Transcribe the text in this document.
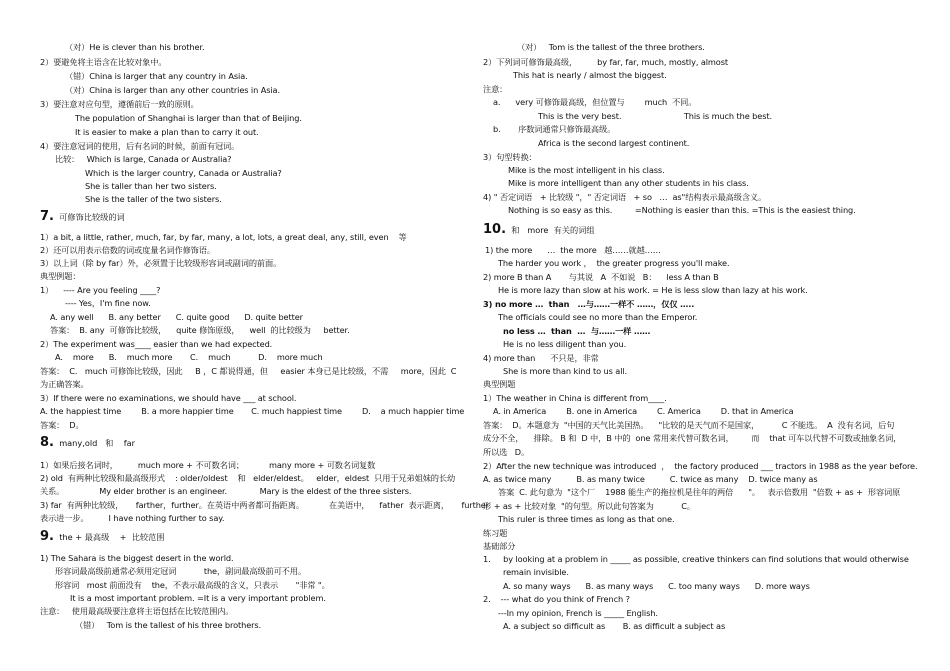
（对）He is clever than his brother.
2）要避免将主语含在比较对象中。
（错）China is larger that any country in Asia.
（对）China is larger than any other countries in Asia.
3）要注意对应句型，遵循前后一致的原则。
The population of Shanghai is larger than that of Beijing.
It is easier to make a plan than to carry it out.
4）要注意冠词的使用，后有名词的时候，前面有冠词。
比较：   Which is large, Canada or Australia?
Which is the larger country, Canada or Australia?
She is taller than her two sisters.
She is the taller of the two sisters.
7.  可修饰比较级的词
1）a bit, a little, rather, much, far, by far, many, a lot, lots, a great deal, any, still, even    等
2）还可以用表示倍数的词或度量名词作修饰语。
3）以上词（除 by far）外，必须置于比较级形容词或副词的前面。
典型例题：
1）    ---- Are you feeling ____?
---- Yes，I'm fine now.
A. any well      B. any better      C. quite good      D. quite better
答案：  B. any  可修饰比较级，    quite 修饰原级，    well  的比较级为     better.
2）The experiment was____ easier than we had expected.
A.    more      B.    much more       C.    much           D.    more much
答案：  C.   much 可修饰比较级，因此     B ，C 都说得通，但     easier 本身已是比较级，不需     more，因此  C
为正确答案。
3）If there were no examinations, we should have ___ at school.
A. the happiest time        B. a more happier time       C. much happiest time        D.    a much happier time
答案：  D。
8.  many,old   和    far
1）如果后接名词时，        much more + 不可数名词；          many more + 可数名词复数
2) old  有两种比较级和最高级形式    : older/oldest    和   elder/eldest。   elder，eldest  只用于兄弟姐妹的长幼
关系。              My elder brother is an engineer.             Mary is the eldest of the three sisters.
3) far  有两种比较级，     farther，further。在英语中两者都可指距离。          在美语中，    father  表示距离，     further
表示进一步。        I have nothing further to say.
9.  the + 最高级    +  比较范围
1) The Sahara is the biggest desert in the world.
形容词最高级前通常必须用定冠词           the，副词最高级前可不用。
形容词   most 前面没有    the，不表示最高级的含义，只表示       "非常 "。
It is a most important problem. =It is a very important problem.
注意：   使用最高级要注意将主语包括在比较范围内。
（错）   Tom is the tallest of his three brothers.
（对）   Tom is the tallest of the three brothers.
2）下列词可修饰最高级，        by far, far, much, mostly, almost
This hat is nearly / almost the biggest.
注意：
a.      very 可修饰最高级，但位置与        much  不同。
This is the very best.                         This is much the best.
b.       序数词通常只修饰最高级。
Africa is the second largest continent.
3）句型转换：
Mike is the most intelligent in his class.
Mike is more intelligent than any other students in his class.
4) " 否定词语   + 比较级 "，" 否定词语   + so   …  as"结构表示最高级含义。
Nothing is so easy as this.         =Nothing is easier than this. =This is the easiest thing.
10.  和   more  有关的词组
1) the more      …  the more   越……就越……
The harder you work ，  the greater progress you'll make.
2) more B than A       与其说   A  不如说   B：    less A than B
He is more lazy than slow at his work. = He is less slow than lazy at his work.
3) no more …  than   …与……一样不 ……，仅仅 …..
The officials could see no more than the Emperor.
no less …  than  …  与……一样 ……
He is no less diligent than you.
4) more than      不只是，非常
She is more than kind to us all.
典型例题
1）The weather in China is different from____.
A. in America        B. one in America        C. America        D. that in America
答案：  D。本题意为  "中国的天气比美国热。    "比较的是天气而不是国家，         C 不能选。  A  没有名词，后句
成分不全，    排除。 B 和  D 中，B 中的  one 常用来代替可数名词，       而    that 可车以代替不可数或抽象名词，
所以选   D。
2）After the new technique was introduced  ，  the factory produced ___ tractors in 1988 as the year before.
A. as twice many          B. as many twice          C. twice as many    D. twice many as
答案  C. 此句意为  "这个厂    1988 能生产的拖拉机是往年的两倍      "。   表示倍数用  "倍数 + as +  形容词原
形 + as + 比较对象  "的句型。所以此句答案为           C。
This ruler is three times as long as that one.
练习题
基础部分
1.     by looking at a problem in _____ as possible, creative thinkers can find solutions that would otherwise
remain invisible.
A. so many ways      B. as many ways      C. too many ways      D. more ways
2.    --- what do you think of French ?
---In my opinion, French is _____ English.
A. a subject so difficult as       B. as difficult a subject as
